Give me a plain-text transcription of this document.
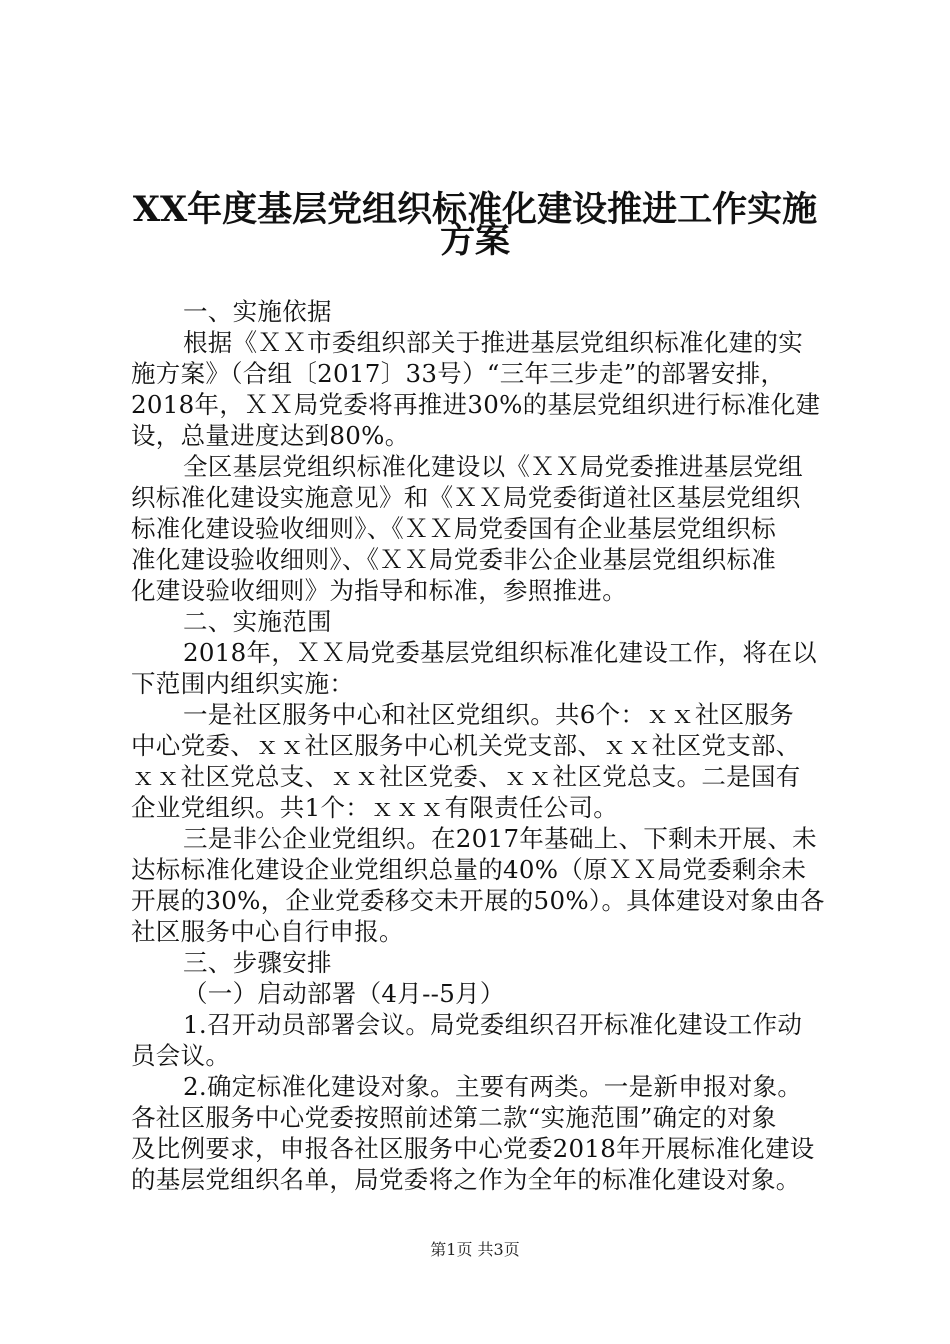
XX年度基层党组织标准化建设推进工作实施
方案
一、实施依据
根据《ＸＸ市委组织部关于推进基层党组织标准化建的实
施方案》（合组〔2017〕33号）“三年三步走”的部署安排，
2018年，ＸＸ局党委将再推进30%的基层党组织进行标准化建
设，总量进度达到80%。
全区基层党组织标准化建设以《ＸＸ局党委推进基层党组
织标准化建设实施意见》和《ＸＸ局党委街道社区基层党组织
标准化建设验收细则》、《ＸＸ局党委国有企业基层党组织标
准化建设验收细则》、《ＸＸ局党委非公企业基层党组织标准
化建设验收细则》为指导和标准，参照推进。
二、实施范围
2018年，ＸＸ局党委基层党组织标准化建设工作，将在以
下范围内组织实施：
一是社区服务中心和社区党组织。共6个：ｘｘ社区服务
中心党委、ｘｘ社区服务中心机关党支部、ｘｘ社区党支部、
ｘｘ社区党总支、ｘｘ社区党委、ｘｘ社区党总支。二是国有
企业党组织。共1个：ｘｘｘ有限责任公司。
三是非公企业党组织。在2017年基础上、下剩未开展、未
达标标准化建设企业党组织总量的40%（原ＸＸ局党委剩余未
开展的30%，企业党委移交未开展的50%）。具体建设对象由各
社区服务中心自行申报。
三、步骤安排
（一）启动部署（4月--5月）
1.召开动员部署会议。局党委组织召开标准化建设工作动
员会议。
2.确定标准化建设对象。主要有两类。一是新申报对象。
各社区服务中心党委按照前述第二款“实施范围”确定的对象
及比例要求，申报各社区服务中心党委2018年开展标准化建设
的基层党组织名单，局党委将之作为全年的标准化建设对象。
第1页 共3页
